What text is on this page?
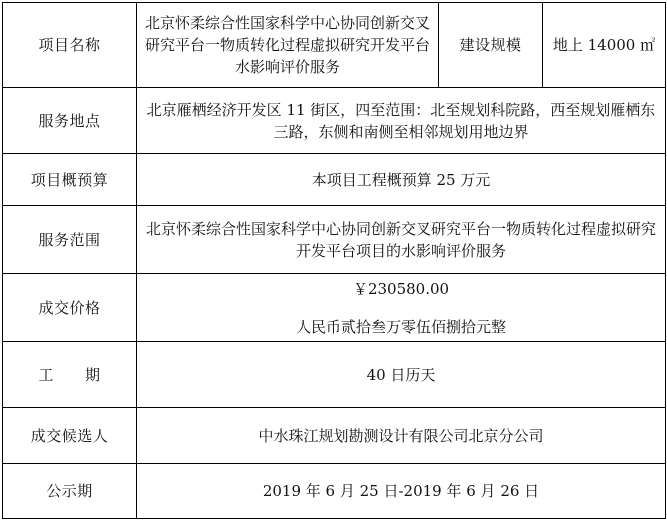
项目名称	北京怀柔综合性国家科学中心协同创新交叉研究平台一物质转化过程虚拟研究开发平台水影响评价服务	建设规模	地上 14000 ㎡
服务地点	北京雁栖经济开发区 11 街区，四至范围：北至规划科院路，西至规划雁栖东三路，东侧和南侧至相邻规划用地边界		
项目概预算	本项目工程概预算 25 万元		
服务范围	北京怀柔综合性国家科学中心协同创新交叉研究平台一物质转化过程虚拟研究开发平台项目的水影响评价服务		
成交价格	￥230580.00
人民币贰拾叁万零伍佰捌拾元整		

工　　期	40 日历天		
成交候选人	中水珠江规划勘测设计有限公司北京分公司		
公示期	2019 年 6 月 25 日-2019 年 6 月 26 日		
